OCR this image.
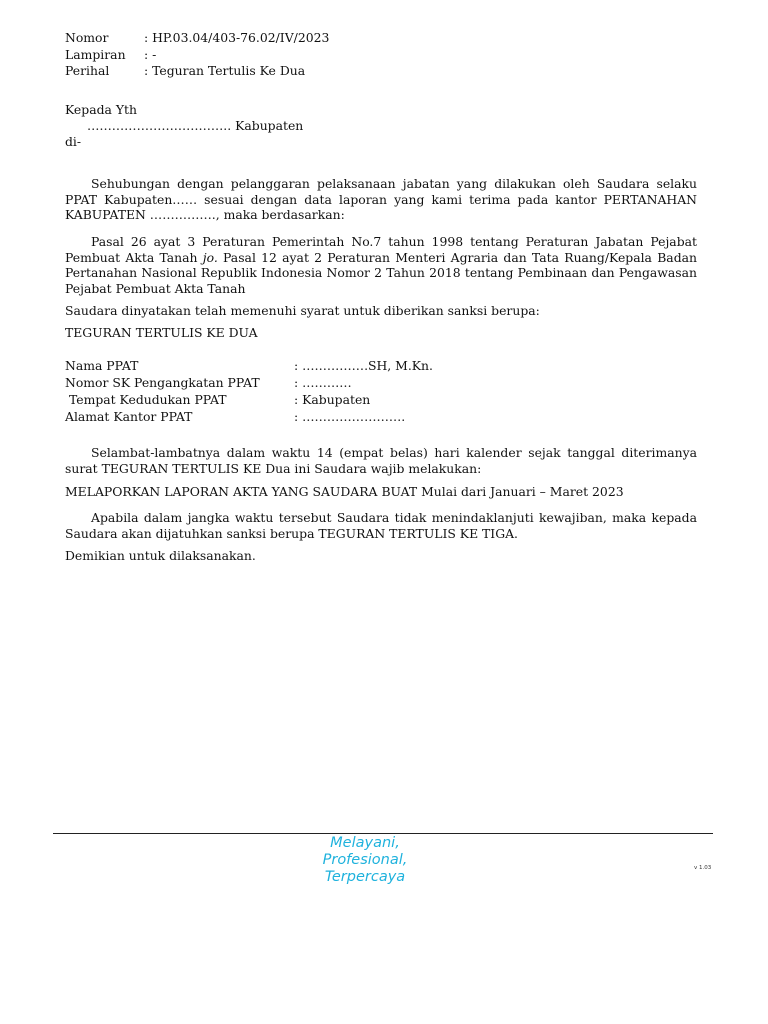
Nomor	: HP.03.04/403-76.02/IV/2023
Lampiran	: -
Perihal	: Teguran Tertulis Ke Dua
Kepada Yth
…………………………….. Kabupaten
di-
Sehubungan dengan pelanggaran pelaksanaan jabatan yang dilakukan oleh Saudara selaku PPAT Kabupaten…… sesuai dengan data laporan yang kami terima pada kantor PERTANAHAN KABUPATEN ……………., maka berdasarkan:
Pasal 26 ayat 3 Peraturan Pemerintah No.7 tahun 1998 tentang Peraturan Jabatan Pejabat Pembuat Akta Tanah jo. Pasal 12 ayat 2 Peraturan Menteri Agraria dan Tata Ruang/Kepala Badan Pertanahan Nasional Republik Indonesia Nomor 2 Tahun 2018 tentang Pembinaan dan Pengawasan Pejabat Pembuat Akta Tanah
Saudara dinyatakan telah memenuhi syarat untuk diberikan sanksi berupa:
TEGURAN TERTULIS KE DUA
Nama PPAT	: …………….SH, M.Kn.
Nomor SK Pengangkatan PPAT	: …………
Tempat Kedudukan PPAT	: Kabupaten
Alamat Kantor PPAT	: …………………….
Selambat-lambatnya dalam waktu 14 (empat belas) hari kalender sejak tanggal diterimanya surat TEGURAN TERTULIS KE Dua ini Saudara wajib melakukan:
MELAPORKAN LAPORAN AKTA YANG SAUDARA BUAT Mulai dari Januari – Maret 2023
Apabila dalam jangka waktu tersebut Saudara tidak menindaklanjuti kewajiban, maka kepada Saudara akan dijatuhkan sanksi berupa TEGURAN TERTULIS KE TIGA.
Demikian untuk dilaksanakan.
Melayani,
Profesional,
Terpercaya
v 1.03
